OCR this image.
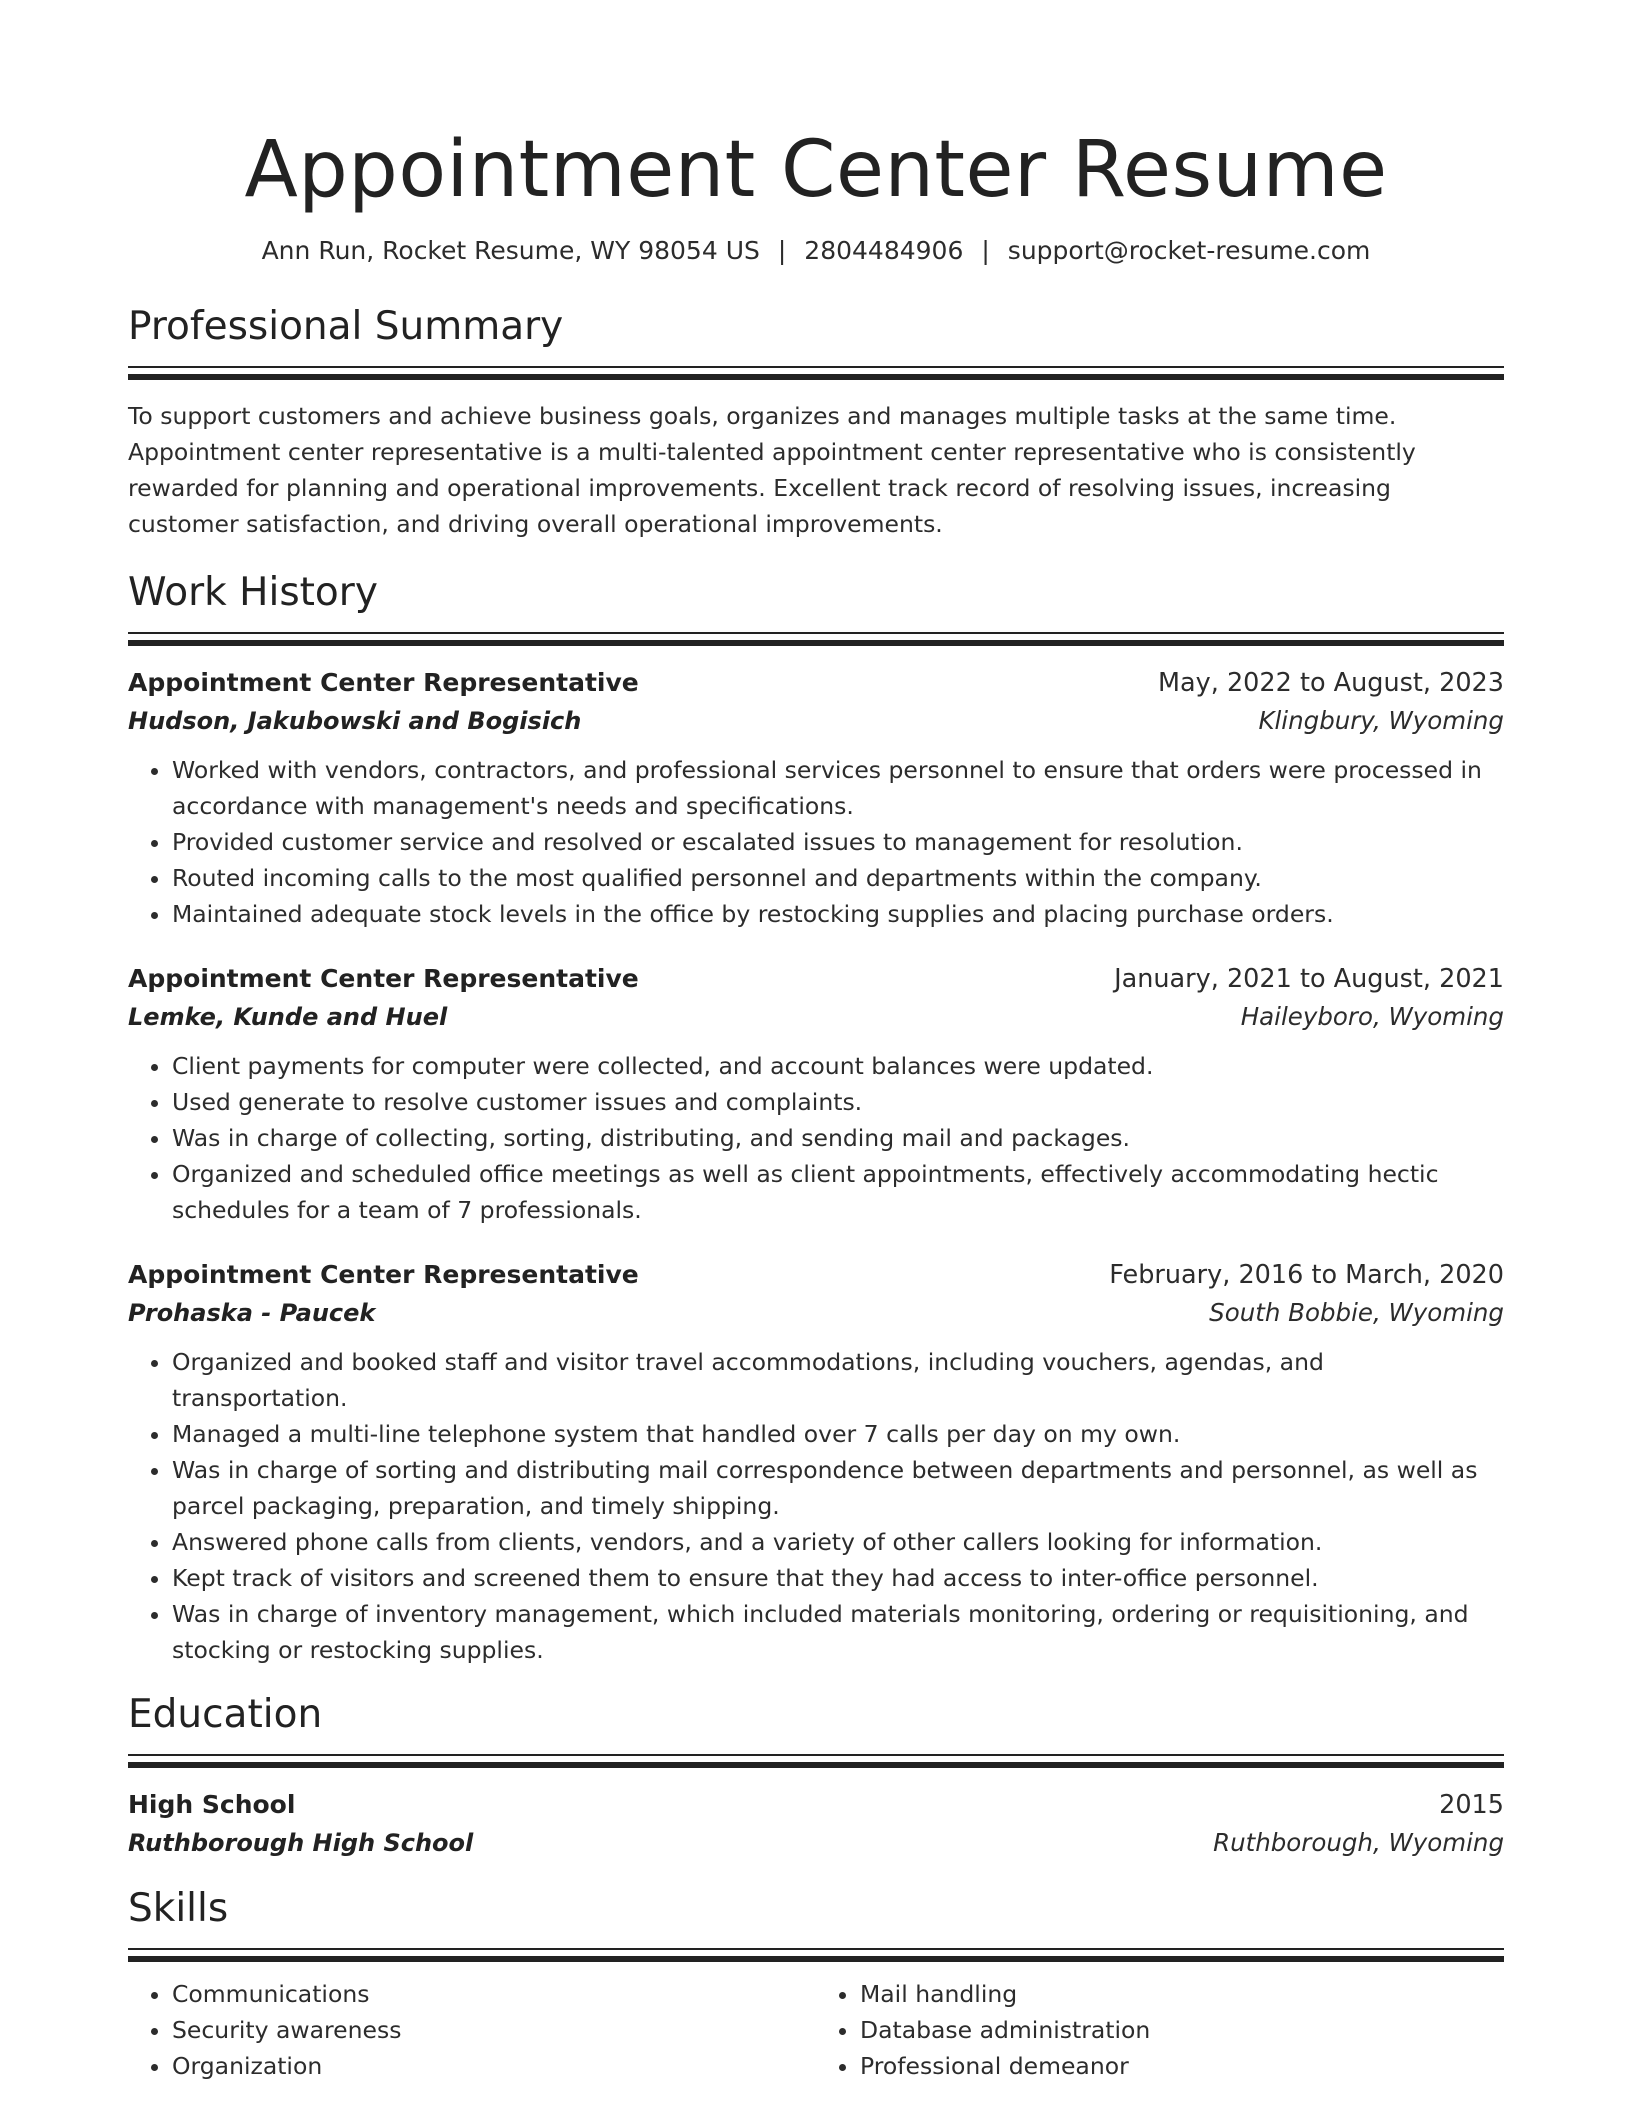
Appointment Center Resume
Ann Run, Rocket Resume, WY 98054 US | 2804484906 | support@rocket-resume.com
Professional Summary

To support customers and achieve business goals, organizes and manages multiple tasks at the same time. Appointment center representative is a multi-talented appointment center representative who is consistently rewarded for planning and operational improvements. Excellent track record of resolving issues, increasing customer satisfaction, and driving overall operational improvements.

Work History
Appointment Center Representative	May, 2022 to August, 2023
Hudson, Jakubowski and Bogisich	Klingbury, Wyoming
• Worked with vendors, contractors, and professional services personnel to ensure that orders were processed in accordance with management's needs and specifications.
• Provided customer service and resolved or escalated issues to management for resolution.
• Routed incoming calls to the most qualified personnel and departments within the company.
• Maintained adequate stock levels in the office by restocking supplies and placing purchase orders.
Appointment Center Representative	January, 2021 to August, 2021
Lemke, Kunde and Huel	Haileyboro, Wyoming
• Client payments for computer were collected, and account balances were updated.
• Used generate to resolve customer issues and complaints.
• Was in charge of collecting, sorting, distributing, and sending mail and packages.
• Organized and scheduled office meetings as well as client appointments, effectively accommodating hectic schedules for a team of 7 professionals.
Appointment Center Representative	February, 2016 to March, 2020
Prohaska - Paucek	South Bobbie, Wyoming
• Organized and booked staff and visitor travel accommodations, including vouchers, agendas, and transportation.
• Managed a multi-line telephone system that handled over 7 calls per day on my own.
• Was in charge of sorting and distributing mail correspondence between departments and personnel, as well as parcel packaging, preparation, and timely shipping.
• Answered phone calls from clients, vendors, and a variety of other callers looking for information.
• Kept track of visitors and screened them to ensure that they had access to inter-office personnel.
• Was in charge of inventory management, which included materials monitoring, ordering or requisitioning, and stocking or restocking supplies.
Education
High School	2015
Ruthborough High School	Ruthborough, Wyoming
Skills
• Communications
• Security awareness
• Organization
• Mail handling
• Database administration
• Professional demeanor
